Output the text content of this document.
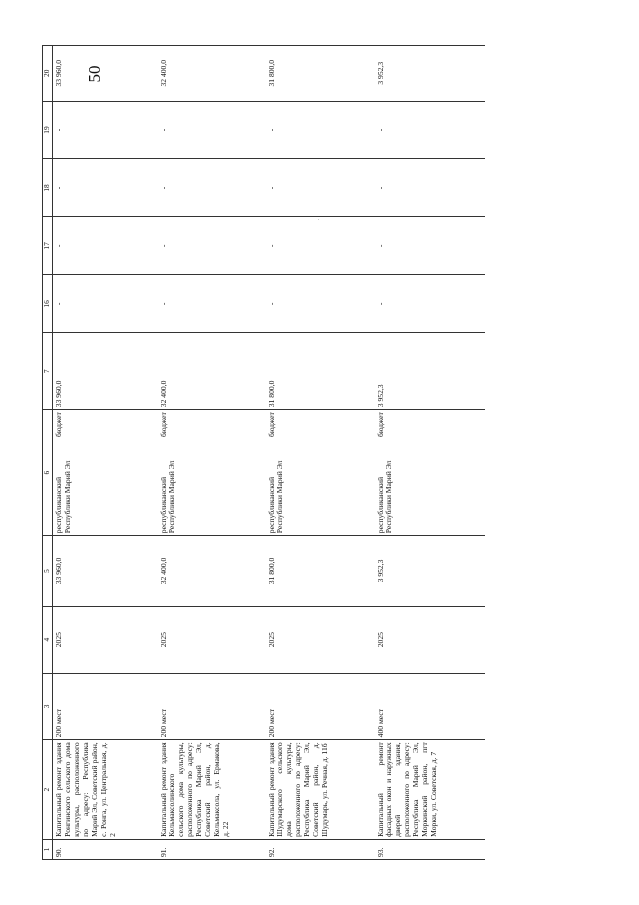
50
1	2	3	4	5	6	7	16	17	18	19	20
90.	Капитальный ремонт здания Ронгинского сельского дома культуры, расположенного по адресу: Республика Марий Эл, Советский район, с. Ронга, ул. Центральная, д. 2	200 мест	2025	33 960,0	республиканский бюджет Республики Марий Эл	33 960,0	-	-	-	-	33 960,0
91.	Капитальный ремонт здания Кельмаксолинского сельского дома культуры, расположенного по адресу: Республика Марий Эл, Советский район, д. Кельмаксола, ул. Ермакова, д. 22	200 мест	2025	32 400,0	республиканский бюджет Республики Марий Эл	32 400,0	-	-	-	-	32 400,0
92.	Капитальный ремонт здания Шудумарского сельского дома культуры, расположенного по адресу: Республика Марий Эл, Советский район, д. Шудумарь, ул. Речная, д. 11б	200 мест	2025	31 800,0	республиканский бюджет Республики Марий Эл	31 800,0	-	-	-	-	31 800,0
93.	Капитальный ремонт фасадных окон и наружных дверей здания, расположенного по адресу: Республика Марий Эл, Моркинский район, пгт Морки, ул. Советская, д. 7	400 мест	2025	3 952,3	республиканский бюджет Республики Марий Эл	3 952,3	-	-	-	-	3 952,3
